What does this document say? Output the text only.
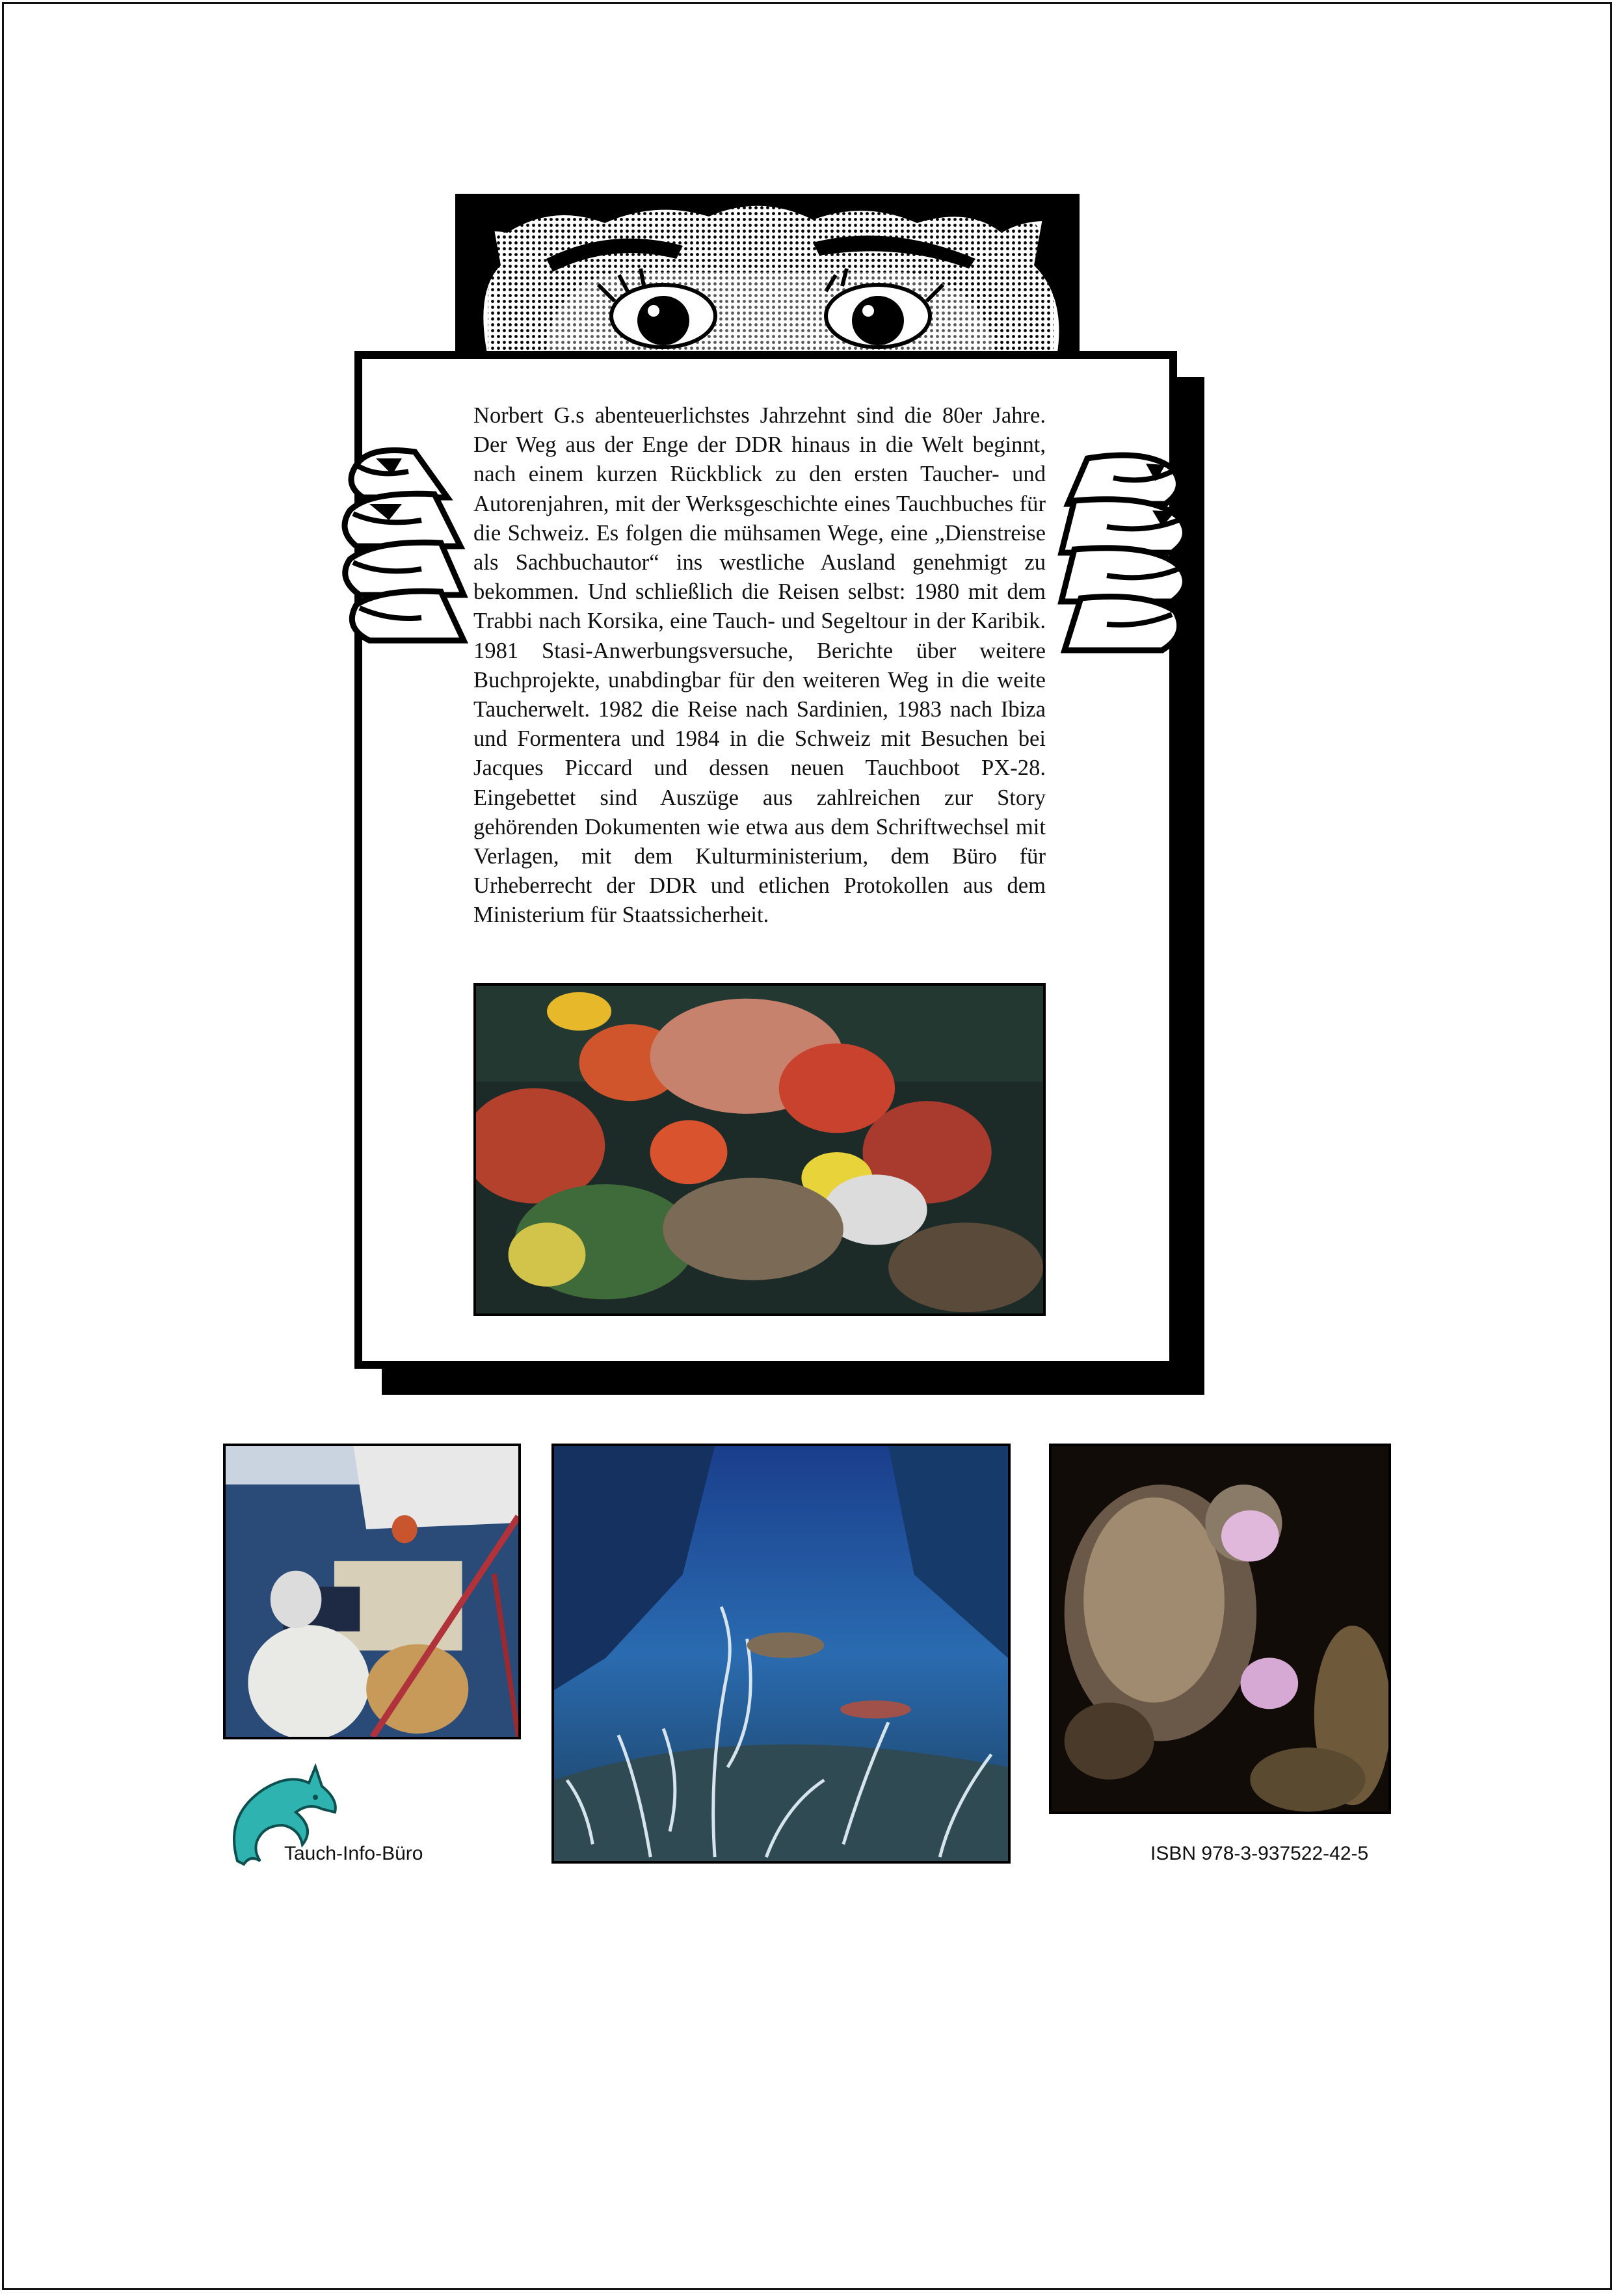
Norbert G.s abenteuerlichstes Jahrzehnt sind die 80er Jahre. Der Weg aus der Enge der DDR hinaus in die Welt beginnt, nach einem kurzen Rückblick zu den ersten Taucher- und Autorenjahren, mit der Werksgeschichte eines Tauchbuches für die Schweiz. Es folgen die mühsamen Wege, eine „Dienstreise als Sachbuchautor“ ins westliche Ausland genehmigt zu bekommen. Und schließlich die Reisen selbst: 1980 mit dem Trabbi nach Korsika, eine Tauch- und Segeltour in der Karibik. 1981 Stasi-Anwerbungsversuche, Berichte über weitere Buchprojekte, unabdingbar für den weiteren Weg in die weite Taucherwelt. 1982 die Reise nach Sardinien, 1983 nach Ibiza und Formentera und 1984 in die Schweiz mit Besuchen bei Jacques Piccard und dessen neuen Tauchboot PX-28. Eingebettet sind Auszüge aus zahlreichen zur Story gehörenden Dokumenten wie etwa aus dem Schriftwechsel mit Verlagen, mit dem Kulturministerium, dem Büro für Urheberrecht der DDR und etlichen Protokollen aus dem Ministerium für Staatssicherheit.

Tauch-Info-Büro	ISBN 978-3-937522-42-5
